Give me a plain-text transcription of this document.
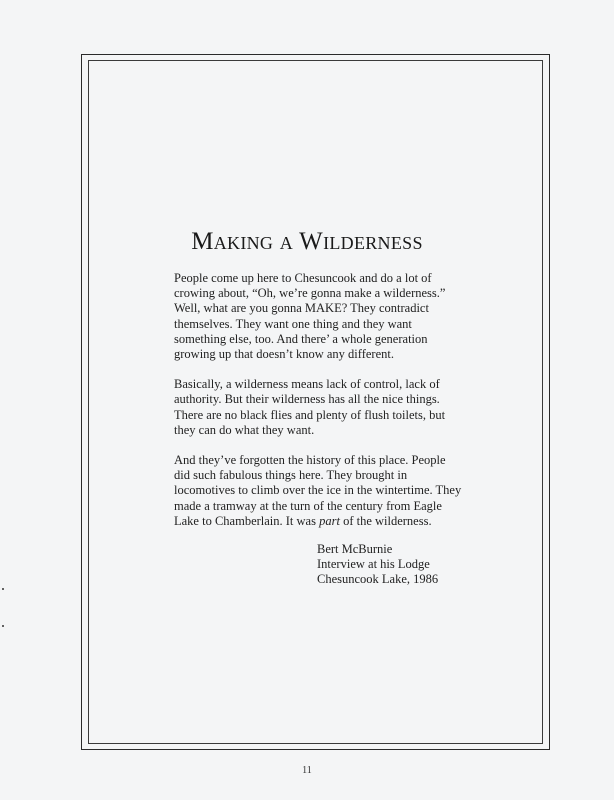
Making a Wilderness

People come up here to Chesuncook and do a lot of crowing about, “Oh, we’re gonna make a wilderness.” Well, what are you gonna MAKE? They contradict themselves. They want one thing and they want something else, too. And there’ a whole generation growing up that doesn’t know any different.

Basically, a wilderness means lack of control, lack of authority. But their wilderness has all the nice things. There are no black flies and plenty of flush toilets, but they can do what they want.

And they’ve forgotten the history of this place. People did such fabulous things here. They brought in locomotives to climb over the ice in the wintertime. They made a tramway at the turn of the century from Eagle Lake to Chamberlain. It was part of the wilderness.

Bert McBurnie
Interview at his Lodge
Chesuncook Lake, 1986
11
